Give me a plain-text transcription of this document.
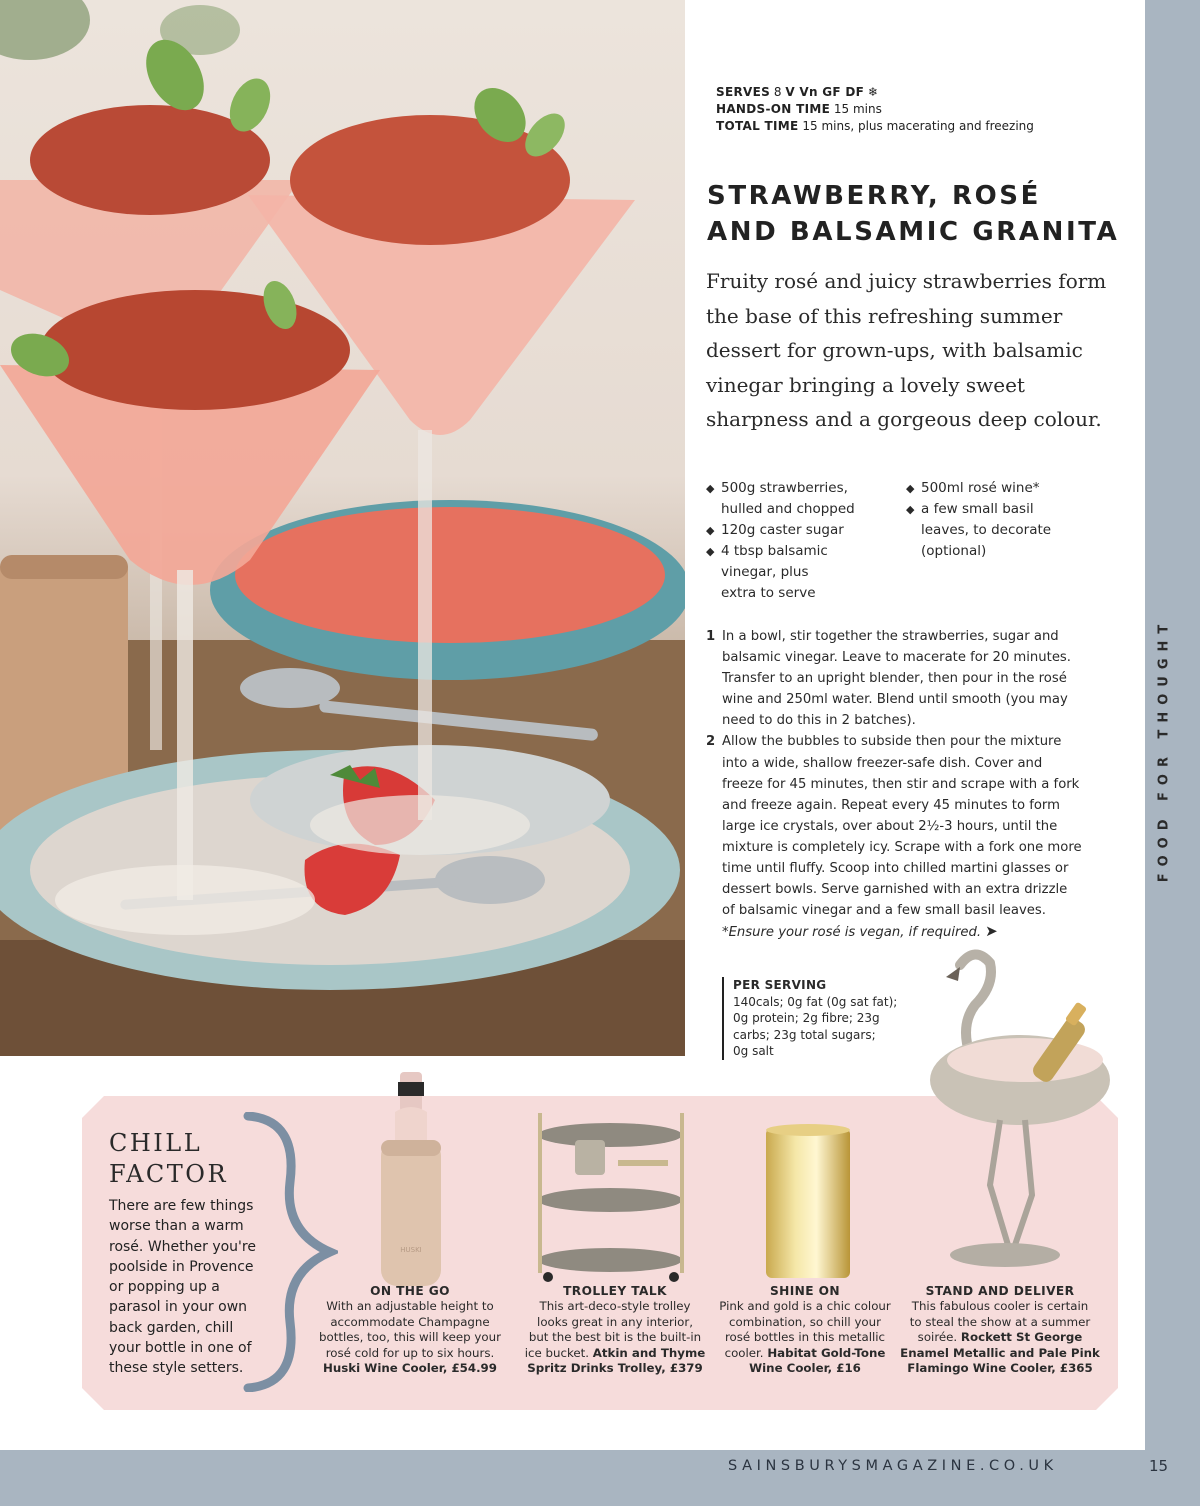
SERVES 8 V Vn GF DF ❄
HANDS-ON TIME 15 mins
TOTAL TIME 15 mins, plus macerating and freezing
STRAWBERRY, ROSÉ
AND BALSAMIC GRANITA
Fruity rosé and juicy strawberries form
the base of this refreshing summer
dessert for grown-ups, with balsamic
vinegar bringing a lovely sweet
sharpness and a gorgeous deep colour.
◆ 500g strawberries,
hulled and chopped
◆ 120g caster sugar
◆ 4 tbsp balsamic
vinegar, plus
extra to serve
◆ 500ml rosé wine*
◆ a few small basil
leaves, to decorate
(optional)
1 In a bowl, stir together the strawberries, sugar and
balsamic vinegar. Leave to macerate for 20 minutes.
Transfer to an upright blender, then pour in the rosé
wine and 250ml water. Blend until smooth (you may
need to do this in 2 batches).
2 Allow the bubbles to subside then pour the mixture
into a wide, shallow freezer-safe dish. Cover and
freeze for 45 minutes, then stir and scrape with a fork
and freeze again. Repeat every 45 minutes to form
large ice crystals, over about 2½-3 hours, until the
mixture is completely icy. Scrape with a fork one more
time until fluffy. Scoop into chilled martini glasses or
dessert bowls. Serve garnished with an extra drizzle
of balsamic vinegar and a few small basil leaves.
*Ensure your rosé is vegan, if required. ➤
PER SERVING
140cals; 0g fat (0g sat fat);
0g protein; 2g fibre; 23g
carbs; 23g total sugars;
0g salt
FOOD FOR THOUGHT
CHILL
FACTOR
There are few things
worse than a warm
rosé. Whether you're
poolside in Provence
or popping up a
parasol in your own
back garden, chill
your bottle in one of
these style setters.
HUSKI
ON THE GO
With an adjustable height to
accommodate Champagne
bottles, too, this will keep your
rosé cold for up to six hours.
Huski Wine Cooler, £54.99
TROLLEY TALK
This art-deco-style trolley
looks great in any interior,
but the best bit is the built-in
ice bucket. Atkin and Thyme
Spritz Drinks Trolley, £379
SHINE ON
Pink and gold is a chic colour
combination, so chill your
rosé bottles in this metallic
cooler. Habitat Gold-Tone
Wine Cooler, £16
STAND AND DELIVER
This fabulous cooler is certain
to steal the show at a summer
soirée. Rockett St George
Enamel Metallic and Pale Pink
Flamingo Wine Cooler, £365
SAINSBURYSMAGAZINE.CO.UK	15
